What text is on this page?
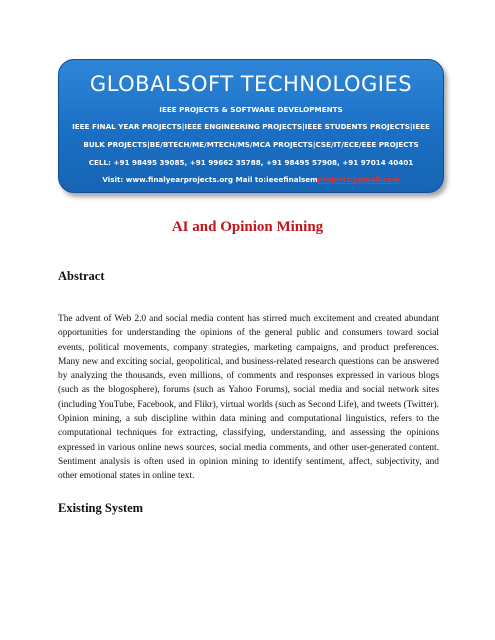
GLOBALSOFT TECHNOLOGIES
IEEE PROJECTS & SOFTWARE DEVELOPMENTS
IEEE FINAL YEAR PROJECTS|IEEE ENGINEERING PROJECTS|IEEE STUDENTS PROJECTS|IEEE
BULK PROJECTS|BE/BTECH/ME/MTECH/MS/MCA PROJECTS|CSE/IT/ECE/EEE PROJECTS
CELL: +91 98495 39085, +91 99662 35788, +91 98495 57908, +91 97014 40401
Visit: www.finalyearprojects.org Mail to:ieeefinalsemprojects@gmail.com
AI and Opinion Mining
Abstract
The advent of Web 2.0 and social media content has stirred much excitement and created abundant opportunities for understanding the opinions of the general public and consumers toward social events, political movements, company strategies, marketing campaigns, and product preferences. Many new and exciting social, geopolitical, and business-related research questions can be answered by analyzing the thousands, even millions, of comments and responses expressed in various blogs (such as the blogosphere), forums (such as Yahoo Forums), social media and social network sites (including YouTube, Facebook, and Flikr), virtual worlds (such as Second Life), and tweets (Twitter). Opinion mining, a sub discipline within data mining and computational linguistics, refers to the computational techniques for extracting, classifying, understanding, and assessing the opinions expressed in various online news sources, social media comments, and other user-generated content. Sentiment analysis is often used in opinion mining to identify sentiment, affect, subjectivity, and other emotional states in online text.
Existing System
